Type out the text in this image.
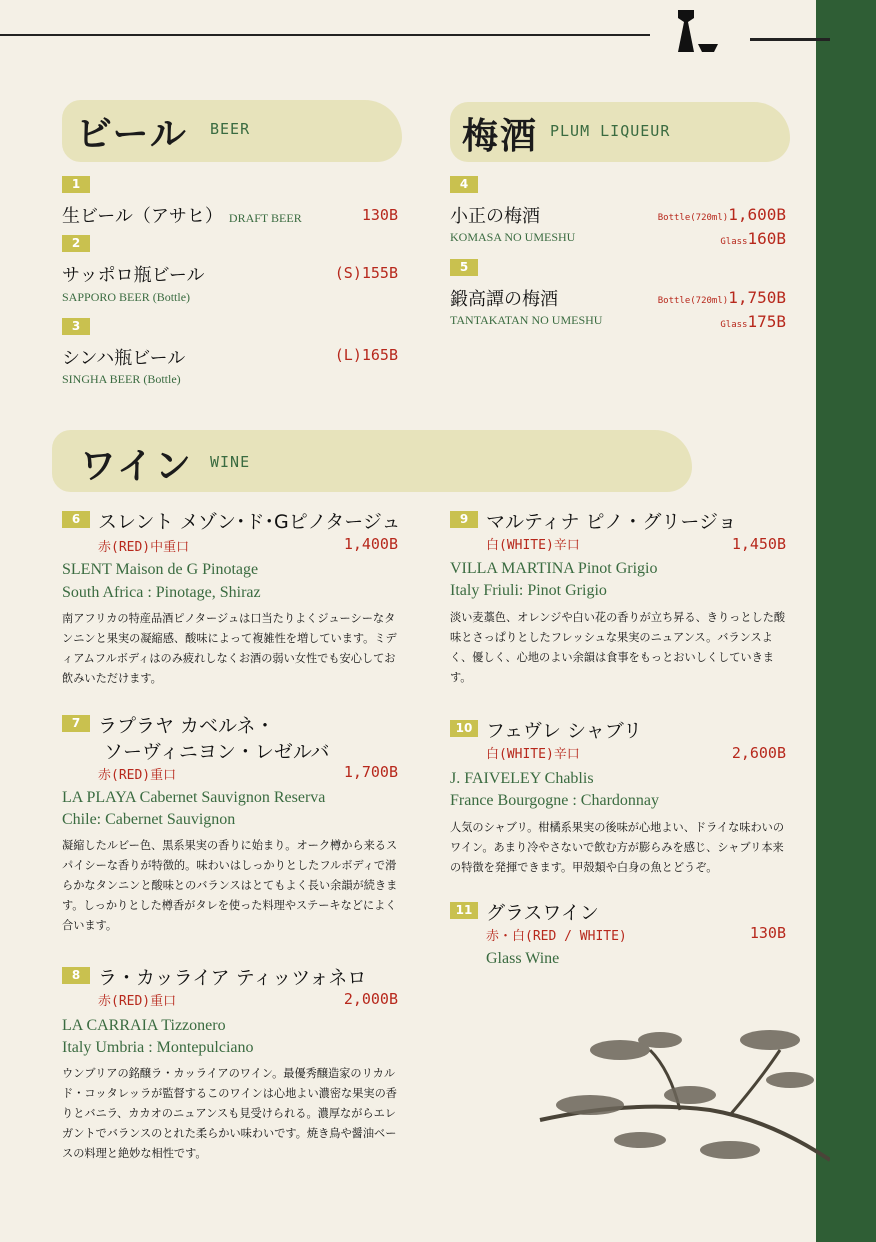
ビール BEER
1
生ビール（アサヒ） DRAFT BEER	130B
2
サッポロ瓶ビール	(S)155B
SAPPORO BEER (Bottle)
3
シンハ瓶ビール	(L)165B
SINGHA BEER (Bottle)
梅酒 PLUM LIQUEUR
4
小正の梅酒
KOMASA NO UMESHU
Bottle(720ml)1,600B
Glass160B
5
鍛高譚の梅酒
TANTAKATAN NO UMESHU
Bottle(720ml)1,750B
Glass175B
ワイン WINE
6 スレント メゾン･ド･Gピノタージュ
赤(RED)中重口	1,400B
SLENT Maison de G Pinotage
South Africa : Pinotage, Shiraz
南アフリカの特産品酒ピノタージュは口当たりよくジューシーなタンニンと果実の凝縮感、酸味によって複雑性を増しています。ミディアムフルボディはのみ疲れしなくお酒の弱い女性でも安心してお飲みいただけます。
7 ラプラヤ カベルネ・
ソーヴィニヨン・レゼルバ
赤(RED)重口	1,700B
LA PLAYA Cabernet Sauvignon Reserva
Chile: Cabernet Sauvignon
凝縮したルビー色、黒系果実の香りに始まり。オーク樽から来るスパイシーな香りが特徴的。味わいはしっかりとしたフルボディで滑らかなタンニンと酸味とのバランスはとてもよく長い余韻が続きます。しっかりとした樽香がタレを使った料理やステーキなどによく合います。
8 ラ・カッライア ティッツォネロ
赤(RED)重口	2,000B
LA CARRAIA Tizzonero
Italy Umbria : Montepulciano
ウンブリアの銘醸ラ・カッライアのワイン。最優秀醸造家のリカルド・コッタレッラが監督するこのワインは心地よい濃密な果実の香りとバニラ、カカオのニュアンスも見受けられる。濃厚ながらエレガントでバランスのとれた柔らかい味わいです。焼き鳥や醤油ベースの料理と絶妙な相性です。
9 マルティナ ピノ・グリージョ
白(WHITE)辛口	1,450B
VILLA MARTINA Pinot Grigio
Italy Friuli: Pinot Grigio
淡い麦藁色、オレンジや白い花の香りが立ち昇る、きりっとした酸味とさっぱりとしたフレッシュな果実のニュアンス。バランスよく、優しく、心地のよい余韻は食事をもっとおいしくしていきます。
10 フェヴレ シャブリ
白(WHITE)辛口	2,600B
J. FAIVELEY Chablis
France Bourgogne : Chardonnay
人気のシャブリ。柑橘系果実の後味が心地よい、ドライな味わいのワイン。あまり冷やさないで飲む方が膨らみを感じ、シャブリ本来の特徴を発揮できます。甲殻類や白身の魚とどうぞ。
11 グラスワイン
赤・白(RED / WHITE)	130B
Glass Wine
